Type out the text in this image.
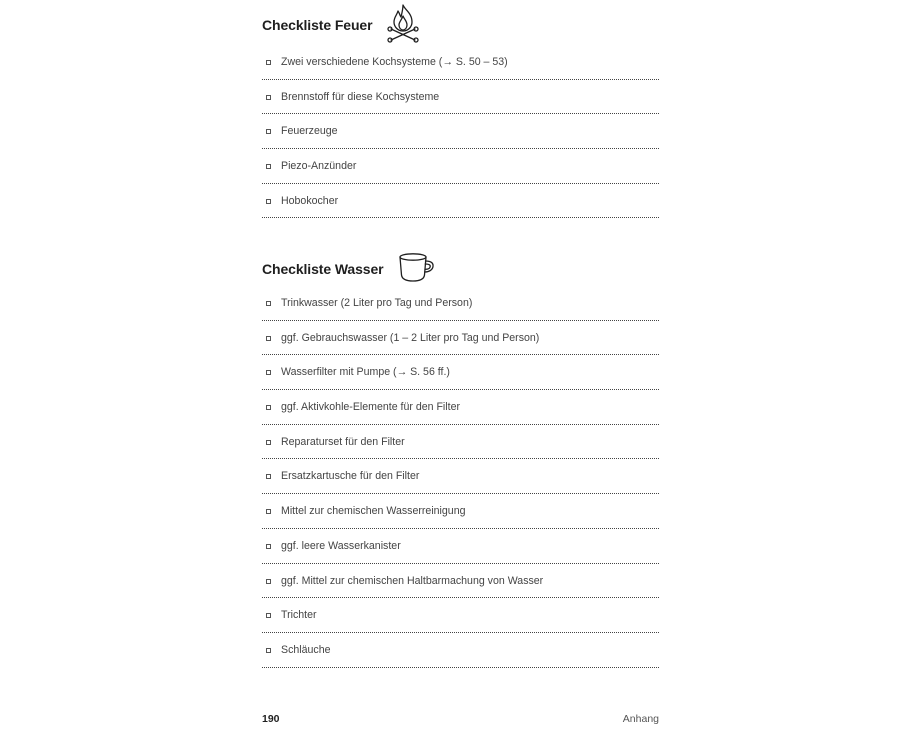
Checkliste Feuer
Zwei verschiedene Kochsysteme (→ S. 50 – 53)
Brennstoff für diese Kochsysteme
Feuerzeuge
Piezo-Anzünder
Hobokocher
Checkliste Wasser
Trinkwasser (2 Liter pro Tag und Person)
ggf. Gebrauchswasser (1 – 2 Liter pro Tag und Person)
Wasserfilter mit Pumpe (→ S. 56 ff.)
ggf. Aktivkohle-Elemente für den Filter
Reparaturset für den Filter
Ersatzkartusche für den Filter
Mittel zur chemischen Wasserreinigung
ggf. leere Wasserkanister
ggf. Mittel zur chemischen Haltbarmachung von Wasser
Trichter
Schläuche
190	Anhang
